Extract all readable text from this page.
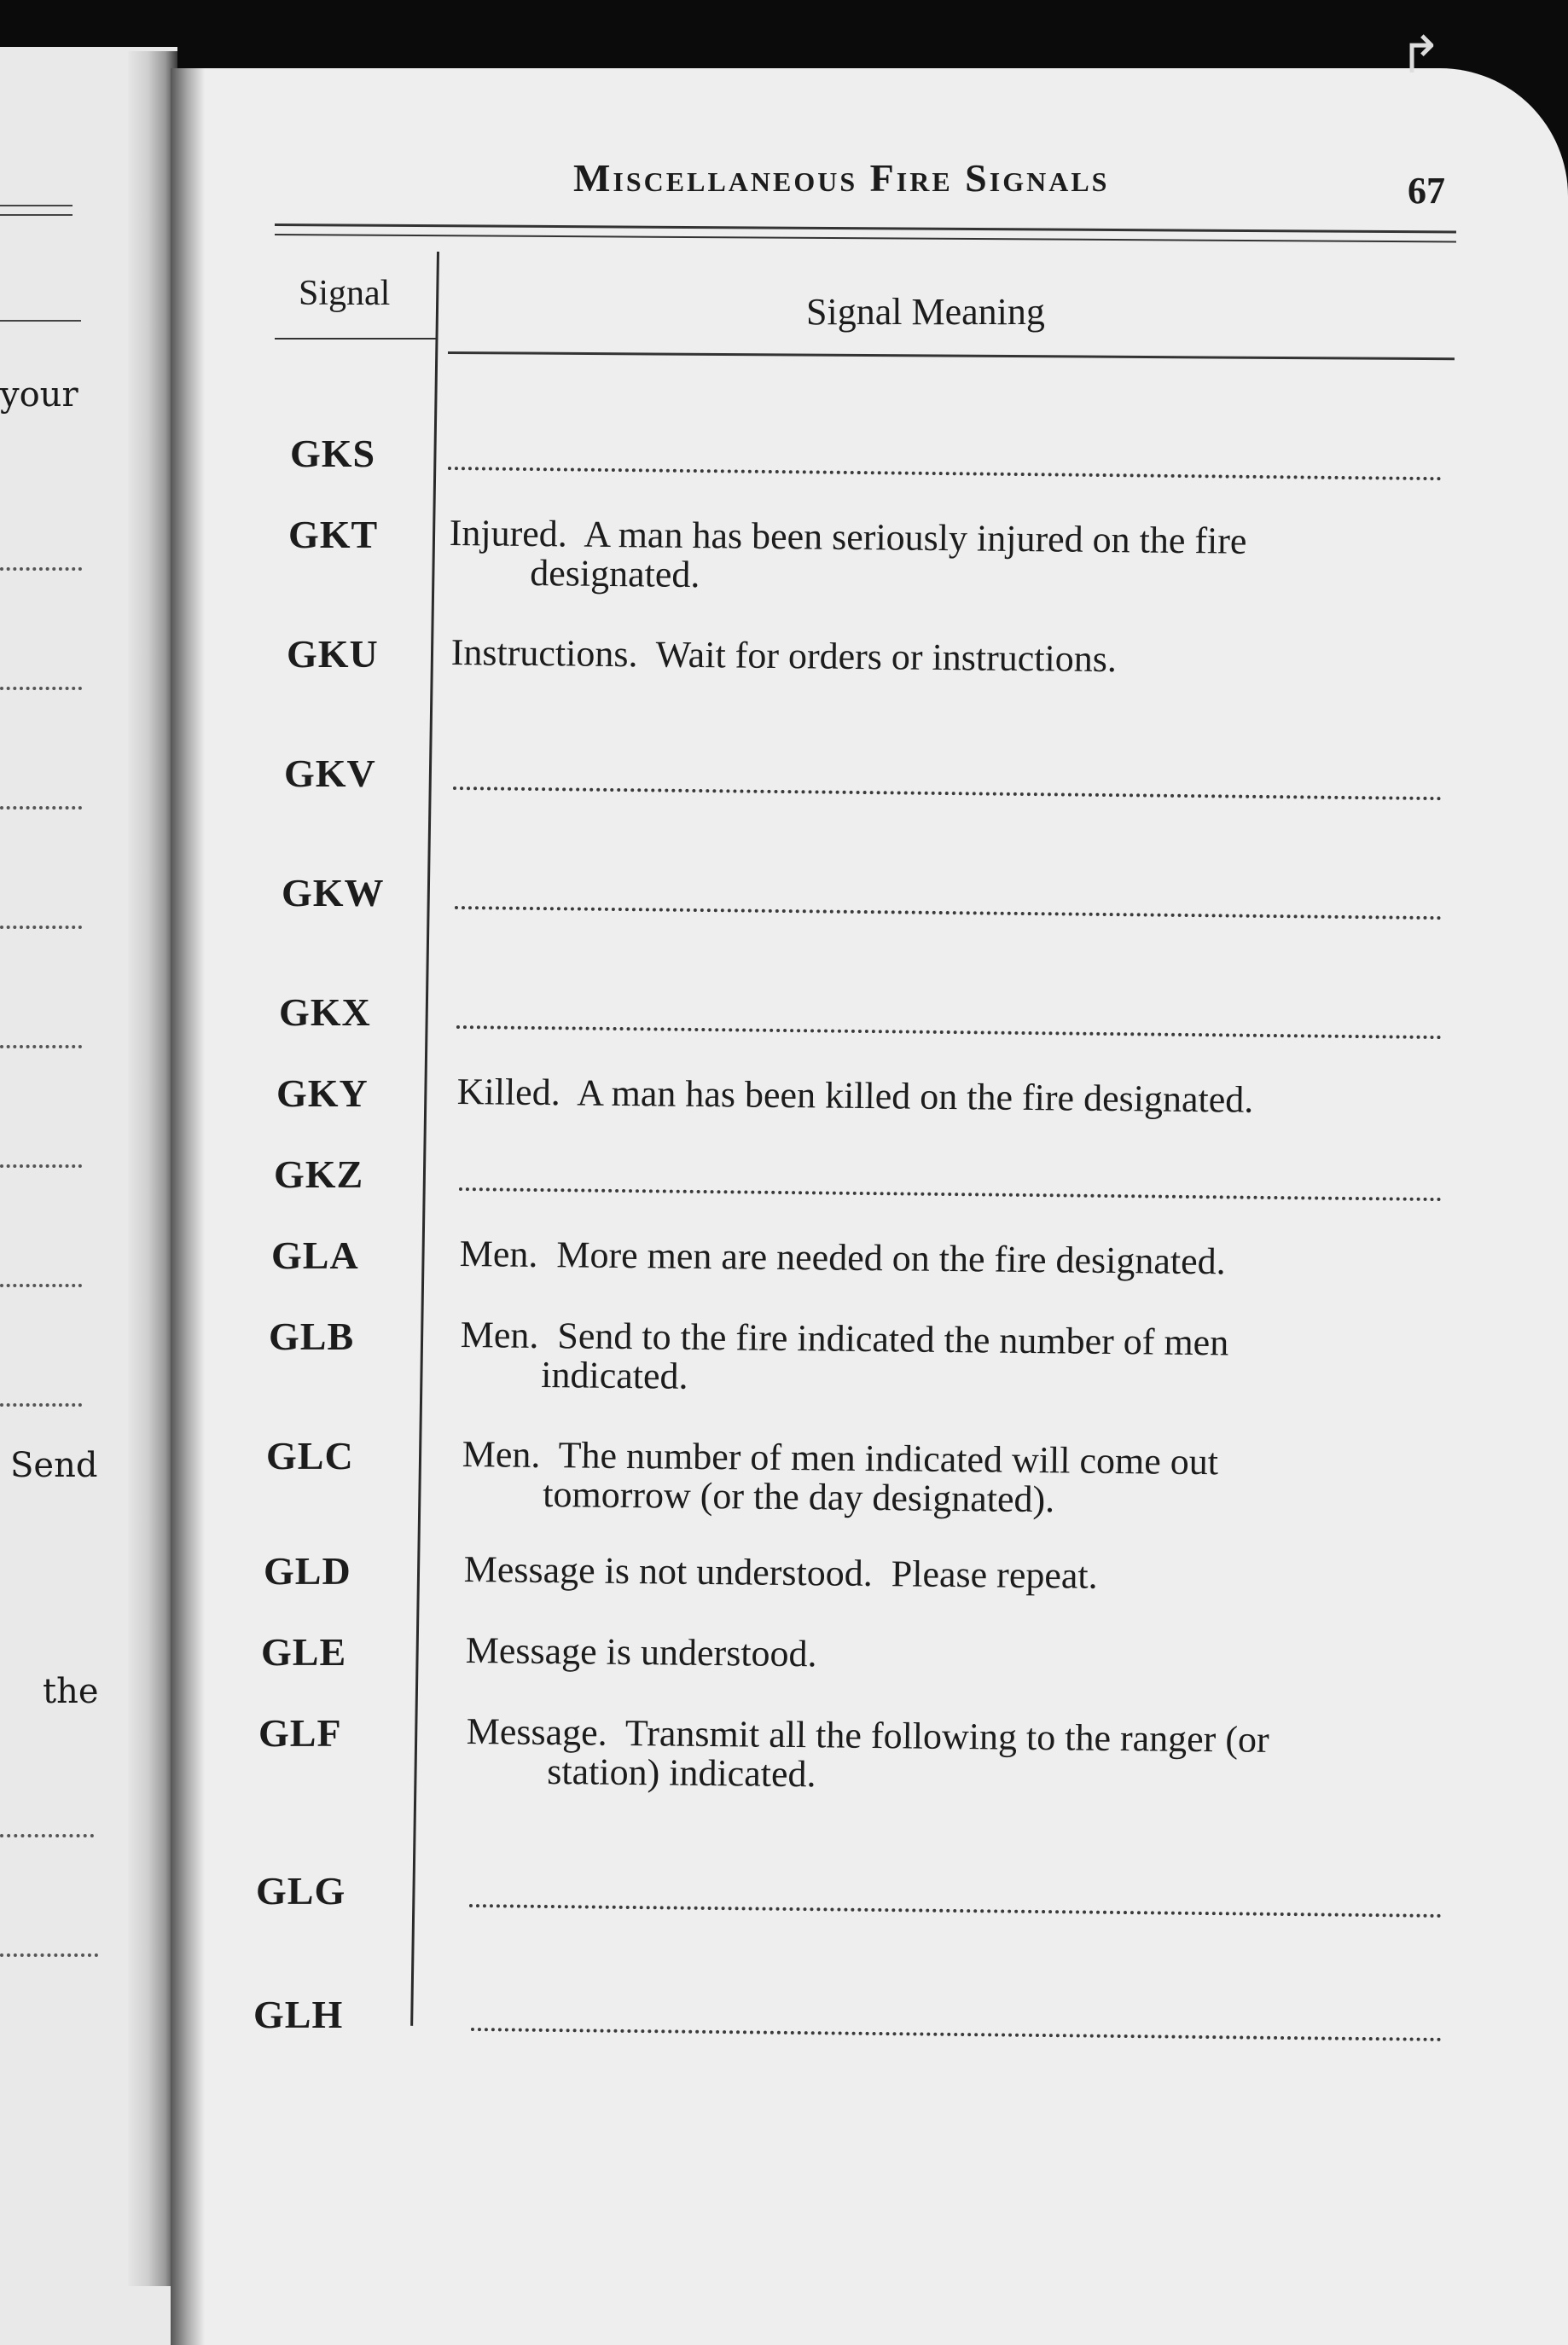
your
Send
the
↱
Miscellaneous Fire Signals	67
Signal	Signal Meaning
GKS
GKT Injured.  A man has been seriously injured on the fire
designated.
GKU Instructions.  Wait for orders or instructions.
GKV
GKW
GKX
GKY Killed.  A man has been killed on the fire designated.
GKZ
GLA	Men.  More men are needed on the fire designated.
GLB	Men.  Send to the fire indicated the number of men
indicated.
GLC	Men.  The number of men indicated will come out
tomorrow (or the day designated).
GLD	Message is not understood.  Please repeat.
GLE	Message is understood.
GLF	Message.  Transmit all the following to the ranger (or
station) indicated.
GLG
GLH
